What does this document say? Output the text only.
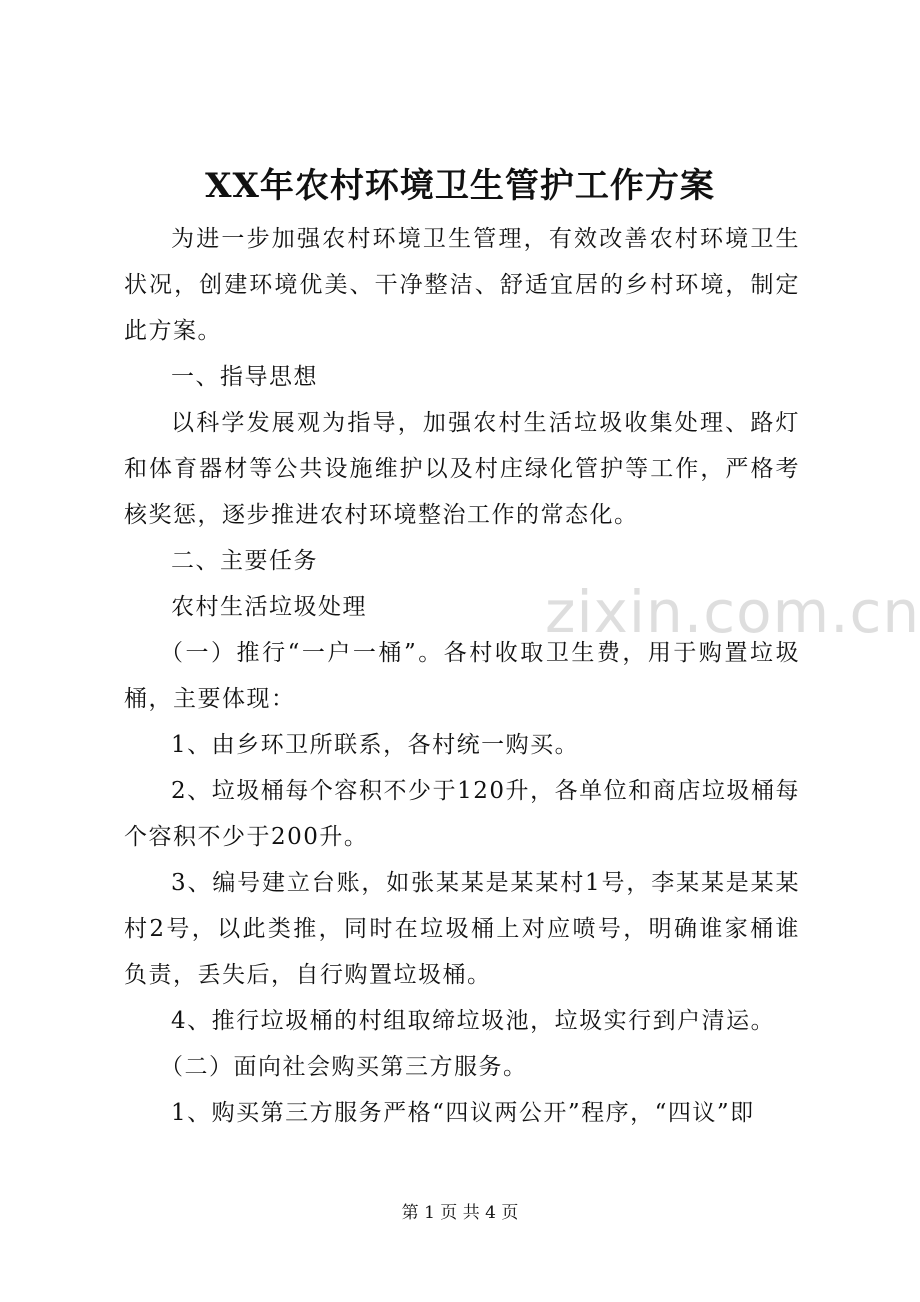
XX年农村环境卫生管护工作方案

为进一步加强农村环境卫生管理，有效改善农村环境卫生状况，创建环境优美、干净整洁、舒适宜居的乡村环境，制定此方案。

一、指导思想

以科学发展观为指导，加强农村生活垃圾收集处理、路灯和体育器材等公共设施维护以及村庄绿化管护等工作，严格考核奖惩，逐步推进农村环境整治工作的常态化。

二、主要任务

农村生活垃圾处理

（一）推行“一户一桶”。各村收取卫生费，用于购置垃圾桶，主要体现：

1、由乡环卫所联系，各村统一购买。

2、垃圾桶每个容积不少于120升，各单位和商店垃圾桶每个容积不少于200升。

3、编号建立台账，如张某某是某某村1号，李某某是某某村2号，以此类推，同时在垃圾桶上对应喷号，明确谁家桶谁负责，丢失后，自行购置垃圾桶。

4、推行垃圾桶的村组取缔垃圾池，垃圾实行到户清运。

（二）面向社会购买第三方服务。

1、购买第三方服务严格“四议两公开”程序，“四议”即

zixin.com.cn
第 1 页 共 4 页
